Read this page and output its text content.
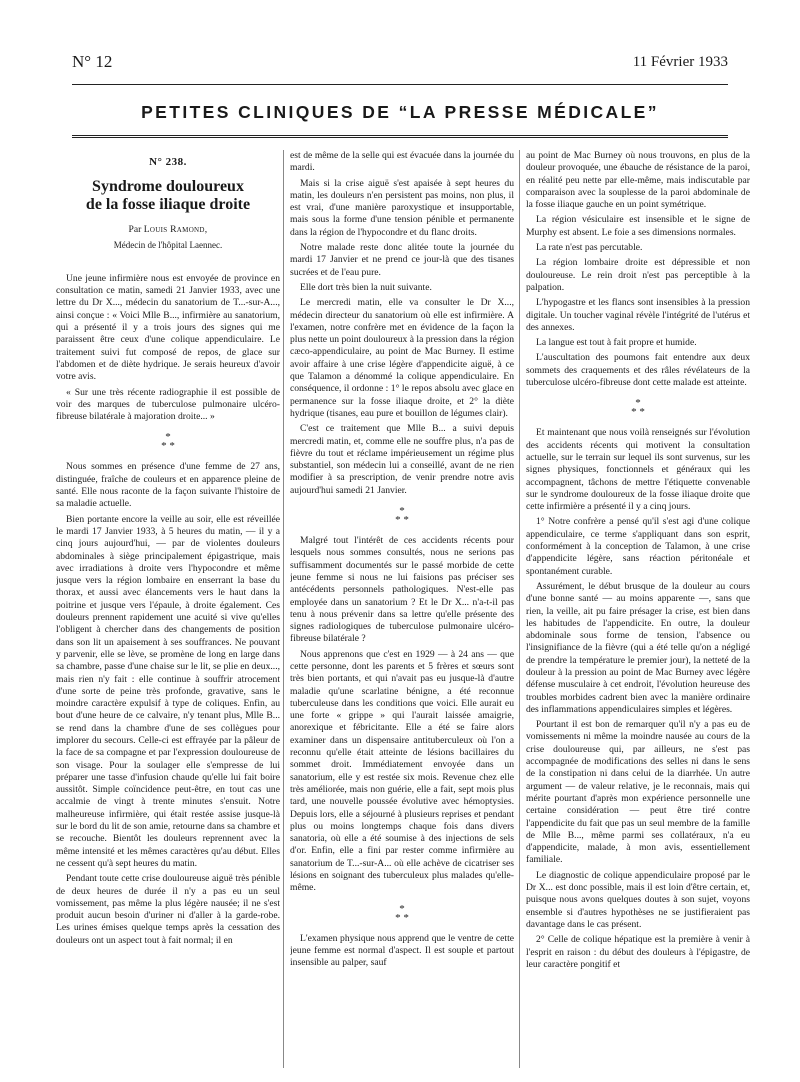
N° 12	11 Février 1933
PETITES CLINIQUES DE “LA PRESSE MÉDICALE”
N° 238.
Syndrome douloureux
de la fosse iliaque droite
Par Louis Ramond,
Médecin de l'hôpital Laennec.

Une jeune infirmière nous est envoyée de province en consultation ce matin, samedi 21 Janvier 1933, avec une lettre du Dr X..., médecin du sanatorium de T...-sur-A..., ainsi conçue : « Voici Mlle B..., infirmière au sanatorium, qui a présenté il y a trois jours des signes qui me paraissent être ceux d'une colique appendiculaire. Le traitement suivi fut composé de repos, de glace sur l'abdomen et de diète hydrique. Je serais heureux d'avoir votre avis.

« Sur une très récente radiographie il est possible de voir des marques de tuberculose pulmonaire ulcéro-fibreuse bilatérale à majoration droite... »

*
* *

Nous sommes en présence d'une femme de 27 ans, distinguée, fraîche de couleurs et en apparence pleine de santé. Elle nous raconte de la façon suivante l'histoire de sa maladie actuelle.

Bien portante encore la veille au soir, elle est réveillée le mardi 17 Janvier 1933, à 5 heures du matin, — il y a cinq jours aujourd'hui, — par de violentes douleurs abdominales à siège principalement épigastrique, mais avec irradiations à droite vers l'hypocondre et même jusque vers la région lombaire en enserrant la base du thorax, et aussi avec élancements vers le haut dans la poitrine et jusque vers l'épaule, à droite également. Ces douleurs prennent rapidement une acuité si vive qu'elles l'obligent à chercher dans des changements de position dans son lit un apaisement à ses souffrances. Ne pouvant y parvenir, elle se lève, se promène de long en large dans sa chambre, passe d'une chaise sur le lit, se plie en deux..., mais rien n'y fait : elle continue à souffrir atrocement d'une sorte de peine très profonde, gravative, sans le moindre caractère expulsif à type de coliques. Enfin, au bout d'une heure de ce calvaire, n'y tenant plus, Mlle B... se rend dans la chambre d'une de ses collègues pour implorer du secours. Celle-ci est effrayée par la pâleur de la face de sa compagne et par l'expression douloureuse de son visage. Pour la soulager elle s'empresse de lui préparer une tasse d'infusion chaude qu'elle lui fait boire aussitôt. Simple coïncidence peut-être, en tout cas une accalmie de vingt à trente minutes s'ensuit. Notre malheureuse infirmière, qui était restée assise jusque-là sur le bord du lit de son amie, retourne dans sa chambre et se recouche. Bientôt les douleurs reprennent avec la même intensité et les mêmes caractères qu'au début. Elles ne cessent qu'à sept heures du matin.

Pendant toute cette crise douloureuse aiguë très pénible de deux heures de durée il n'y a pas eu un seul vomissement, pas même la plus légère nausée; il ne s'est produit aucun besoin d'uriner ni d'aller à la garde-robe. Les urines émises quelque temps après la cessation des douleurs ont un aspect tout à fait normal; il en

est de même de la selle qui est évacuée dans la journée du mardi.

Mais si la crise aiguë s'est apaisée à sept heures du matin, les douleurs n'en persistent pas moins, non plus, il est vrai, d'une manière paroxystique et insupportable, mais sous la forme d'une tension pénible et permanente dans la région de l'hypocondre et du flanc droits.

Notre malade reste donc alitée toute la journée du mardi 17 Janvier et ne prend ce jour-là que des tisanes sucrées et de l'eau pure.

Elle dort très bien la nuit suivante.

Le mercredi matin, elle va consulter le Dr X..., médecin directeur du sanatorium où elle est infirmière. A l'examen, notre confrère met en évidence de la façon la plus nette un point douloureux à la pression dans la région cæco-appendiculaire, au point de Mac Burney. Il estime avoir affaire à une crise légère d'appendicite aiguë, à ce que Talamon a dénommé la colique appendiculaire. En conséquence, il ordonne : 1° le repos absolu avec glace en permanence sur la fosse iliaque droite, et 2° la diète hydrique (tisanes, eau pure et bouillon de légumes clair).

C'est ce traitement que Mlle B... a suivi depuis mercredi matin, et, comme elle ne souffre plus, n'a pas de fièvre du tout et réclame impérieusement un régime plus substantiel, son médecin lui a conseillé, avant de ne rien modifier à sa prescription, de venir prendre notre avis aujourd'hui samedi 21 Janvier.

*
* *

Malgré tout l'intérêt de ces accidents récents pour lesquels nous sommes consultés, nous ne serions pas suffisamment documentés sur le passé morbide de cette jeune femme si nous ne lui faisions pas préciser ses antécédents personnels pathologiques. N'est-elle pas employée dans un sanatorium ? Et le Dr X... n'a-t-il pas tenu à nous prévenir dans sa lettre qu'elle présente des signes radiologiques de tuberculose pulmonaire ulcéro-fibreuse bilatérale ?

Nous apprenons que c'est en 1929 — à 24 ans — que cette personne, dont les parents et 5 frères et sœurs sont très bien portants, et qui n'avait pas eu jusque-là d'autre maladie qu'une scarlatine bénigne, a été reconnue tuberculeuse dans les conditions que voici. Elle aurait eu une forte « grippe » qui l'aurait laissée amaigrie, anorexique et fébricitante. Elle a été se faire alors examiner dans un dispensaire antituberculeux où l'on a reconnu qu'elle était atteinte de lésions bacillaires du sommet droit. Immédiatement envoyée dans un sanatorium, elle y est restée six mois. Revenue chez elle très améliorée, mais non guérie, elle a fait, sept mois plus tard, une nouvelle poussée évolutive avec hémoptysies. Depuis lors, elle a séjourné à plusieurs reprises et pendant plus ou moins longtemps chaque fois dans divers sanatoria, où elle a été soumise à des injections de sels d'or. Enfin, elle a fini par rester comme infirmière au sanatorium de T...-sur-A... où elle achève de cicatriser ses lésions en soignant des tuberculeux plus malades qu'elle-même.

*
* *

L'examen physique nous apprend que le ventre de cette jeune femme est normal d'aspect. Il est souple et partout insensible au palper, sauf

au point de Mac Burney où nous trouvons, en plus de la douleur provoquée, une ébauche de résistance de la paroi, en réalité peu nette par elle-même, mais indiscutable par comparaison avec la souplesse de la paroi abdominale de la fosse iliaque gauche en un point symétrique.

La région vésiculaire est insensible et le signe de Murphy est absent. Le foie a ses dimensions normales.

La rate n'est pas percutable.

La région lombaire droite est dépressible et non douloureuse. Le rein droit n'est pas perceptible à la palpation.

L'hypogastre et les flancs sont insensibles à la pression digitale. Un toucher vaginal révèle l'intégrité de l'utérus et des annexes.

La langue est tout à fait propre et humide.

L'auscultation des poumons fait entendre aux deux sommets des craquements et des râles révélateurs de la tuberculose ulcéro-fibreuse dont cette malade est atteinte.

*
* *

Et maintenant que nous voilà renseignés sur l'évolution des accidents récents qui motivent la consultation actuelle, sur le terrain sur lequel ils sont survenus, sur les signes physiques, fonctionnels et généraux qui les accompagnent, tâchons de mettre l'étiquette convenable sur le syndrome douloureux de la fosse iliaque droite que cette infirmière a présenté il y a cinq jours.

1° Notre confrère a pensé qu'il s'est agi d'une colique appendiculaire, ce terme s'appliquant dans son esprit, conformément à la conception de Talamon, à une crise d'appendicite légère, sans réaction péritonéale et spontanément curable.

Assurément, le début brusque de la douleur au cours d'une bonne santé — au moins apparente —, sans que rien, la veille, ait pu faire présager la crise, est bien dans les habitudes de l'appendicite. En outre, la douleur abdominale sous forme de tension, l'absence ou l'insignifiance de la fièvre (qui a été telle qu'on a négligé de prendre la température le premier jour), la netteté de la douleur à la pression au point de Mac Burney avec légère défense musculaire à cet endroit, l'évolution heureuse des troubles morbides cadrent bien avec la manière ordinaire des inflammations appendiculaires simples et légères.

Pourtant il est bon de remarquer qu'il n'y a pas eu de vomissements ni même la moindre nausée au cours de la crise douloureuse qui, par ailleurs, ne s'est pas accompagnée de modifications des selles ni dans le sens de la constipation ni dans celui de la diarrhée. Un autre argument — de valeur relative, je le reconnais, mais qui mérite pourtant d'après mon expérience personnelle une certaine considération — peut être tiré contre l'appendicite du fait que pas un seul membre de la famille de Mlle B..., même parmi ses collatéraux, n'a eu d'appendicite, malade, à mon avis, essentiellement familiale.

Le diagnostic de colique appendiculaire proposé par le Dr X... est donc possible, mais il est loin d'être certain, et, puisque nous avons quelques doutes à son sujet, voyons ensemble si d'autres hypothèses ne se justifieraient pas davantage dans le cas présent.

2° Celle de colique hépatique est la première à venir à l'esprit en raison : du début des douleurs à l'épigastre, de leur caractère pongitif et
